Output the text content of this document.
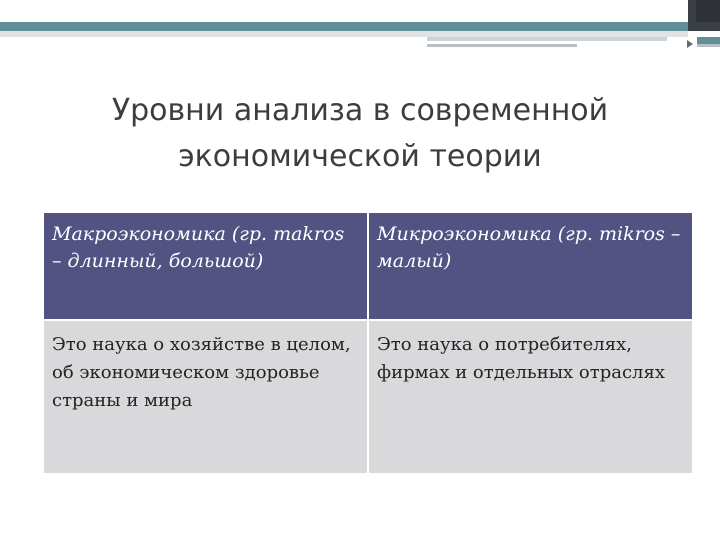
Уровни анализа в современной экономической теории
Макроэкономика (гр. makros – длинный, большой)	Микроэкономика (гр. mikros – малый)
Это наука о хозяйстве в целом, об экономическом здоровье страны и мира	Это наука о потребителях, фирмах и отдельных отраслях
